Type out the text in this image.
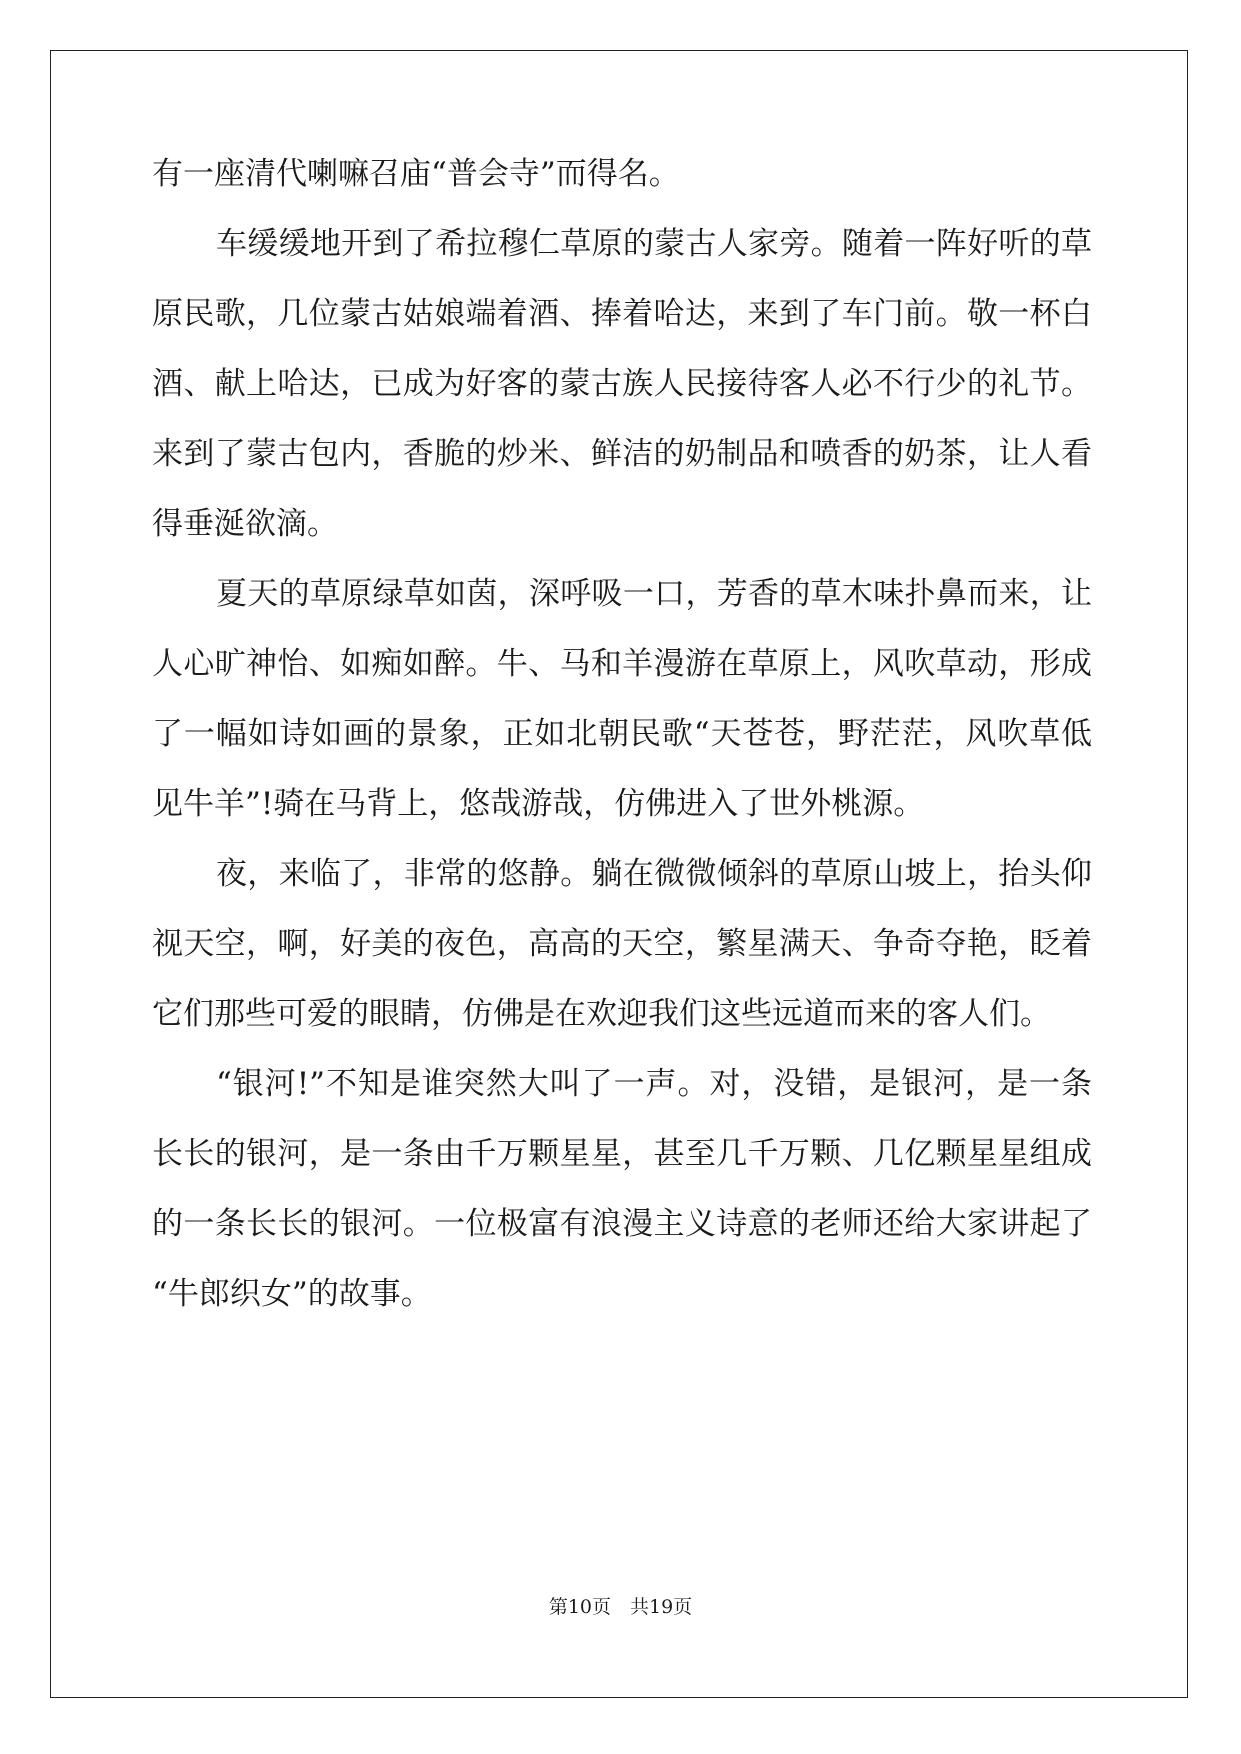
有一座清代喇嘛召庙“普会寺”而得名。
车缓缓地开到了希拉穆仁草原的蒙古人家旁。随着一阵好听的草
原民歌，几位蒙古姑娘端着酒、捧着哈达，来到了车门前。敬一杯白
酒、献上哈达，已成为好客的蒙古族人民接待客人必不行少的礼节。
来到了蒙古包内，香脆的炒米、鲜洁的奶制品和喷香的奶茶，让人看
得垂涎欲滴。
夏天的草原绿草如茵，深呼吸一口，芳香的草木味扑鼻而来，让
人心旷神怡、如痴如醉。牛、马和羊漫游在草原上，风吹草动，形成
了一幅如诗如画的景象，正如北朝民歌“天苍苍，野茫茫，风吹草低
见牛羊”!骑在马背上，悠哉游哉，仿佛进入了世外桃源。
夜，来临了，非常的悠静。躺在微微倾斜的草原山坡上，抬头仰
视天空，啊，好美的夜色，高高的天空，繁星满天、争奇夺艳，眨着
它们那些可爱的眼睛，仿佛是在欢迎我们这些远道而来的客人们。
“银河!”不知是谁突然大叫了一声。对，没错，是银河，是一条
长长的银河，是一条由千万颗星星，甚至几千万颗、几亿颗星星组成
的一条长长的银河。一位极富有浪漫主义诗意的老师还给大家讲起了
“牛郎织女”的故事。
第10页　共19页
